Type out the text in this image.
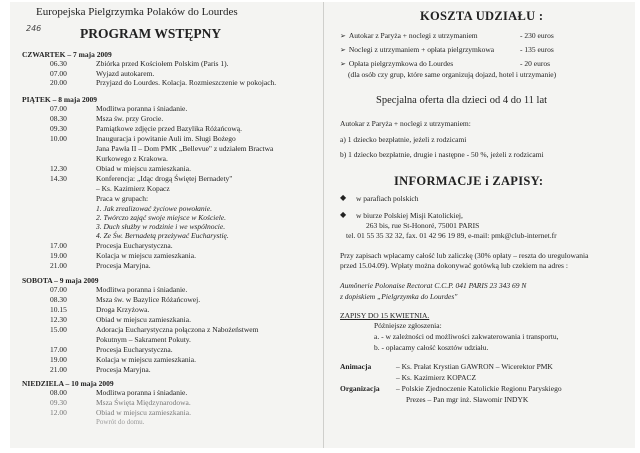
246
Europejska Pielgrzymka Polaków do Lourdes
PROGRAM WSTĘPNY
CZWARTEK – 7 maja 2009
06.30	Zbiórka przed Kościołem Polskim (Paris 1).
07.00	Wyjazd autokarem.
20.00	Przyjazd do Lourdes. Kolacja. Rozmieszczenie w pokojach.
PIĄTEK – 8 maja 2009
07.00	Modlitwa poranna i śniadanie.
08.30	Msza św. przy Grocie.
09.30	Pamiątkowe zdjęcie przed Bazylika Różańcową.
10.00	Inauguracja i powitanie Auli im. Sługi Bożego
Jana Pawła II – Dom PMK „Bellevue" z udziałem Bractwa
Kurkowego z Krakowa.
12.30	Obiad w miejscu zamieszkania.
14.30	Konferencja: „Idąc drogą Świętej Bernadety"
– Ks. Kazimierz Kopacz
Praca w grupach:
1. Jak zrealizować życiowe powołanie.
2. Twórczo zająć swoje miejsce w Kościele.
3. Duch służby w rodzinie i we wspólnocie.
4. Ze Św. Bernadetą przeżywać Eucharystię.
17.00	Procesja Eucharystyczna.
19.00	Kolacja w miejscu zamieszkania.
21.00	Procesja Maryjna.
SOBOTA – 9 maja 2009
07.00	Modlitwa poranna i śniadanie.
08.30	Msza św. w Bazylice Różańcowej.
10.15	Droga Krzyżowa.
12.30	Obiad w miejscu zamieszkania.
15.00	Adoracja Eucharystyczna połączona z Nabożeństwem
Pokutnym – Sakrament Pokuty.
17.00	Procesja Eucharystyczna.
19.00	Kolacja w miejscu zamieszkania.
21.00	Procesja Maryjna.
NIEDZIELA – 10 maja 2009
08.00	Modlitwa poranna i śniadanie.
09.30	Msza Święta Międzynarodowa.
12.00	Obiad w miejscu zamieszkania.
Powrót do domu.
KOSZTA UDZIAŁU :
➢ Autokar z Paryża + noclegi z utrzymaniem	- 230 euros
➢ Noclegi z utrzymaniem + opłata pielgrzymkowa	- 135 euros
➢ Opłata pielgrzymkowa do Lourdes	- 20 euros
(dla osób czy grup, które same organizują dojazd, hotel i utrzymanie)
Specjalna oferta dla dzieci od 4 do 11 lat
Autokar z Paryża + noclegi z utrzymaniem:
a) 1 dziecko bezpłatnie, jeżeli z rodzicami
b) 1 dziecko bezpłatnie, drugie i następne - 50 %, jeżeli z rodzicami
INFORMACJE i ZAPISY:
◆ w parafiach polskich
◆ w biurze Polskiej Misji Katolickiej,
263 bis, rue St-Honoré, 75001 PARIS
tel. 01 55 35 32 32, fax. 01 42 96 19 89, e-mail: pmk@club-internet.fr
Przy zapisach wpłacamy całość lub zaliczkę (30% opłaty – reszta do uregulowania
przed 15.04.09). Wpłaty można dokonywać gotówką lub czekiem na adres :
Aumônerie Polonaise Rectorat C.C.P. 041 PARIS 23 343 69 N
z dopiskiem „Pielgrzymka do Lourdes"
ZAPISY DO 15 KWIETNIA.
Późniejsze zgłoszenia:
a. - w zależności od możliwości zakwaterowania i transportu,
b. - opłacamy całość kosztów udziału.
Animacja	– Ks. Prałat Krystian GAWRON – Wicerektor PMK
– Ks. Kazimierz KOPACZ
Organizacja – Polskie Zjednoczenie Katolickie Regionu Paryskiego
Prezes – Pan mgr inż. Sławomir INDYK
